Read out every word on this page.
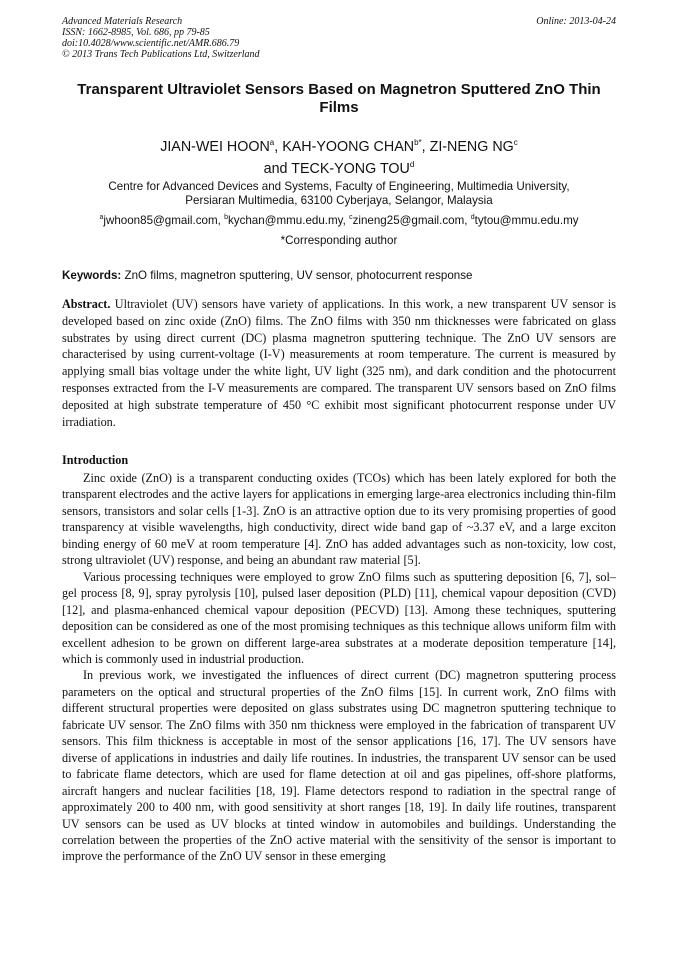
Advanced Materials Research
ISSN: 1662-8985, Vol. 686, pp 79-85
doi:10.4028/www.scientific.net/AMR.686.79
© 2013 Trans Tech Publications Ltd, Switzerland
Online: 2013-04-24
Transparent Ultraviolet Sensors Based on Magnetron Sputtered ZnO Thin Films
JIAN-WEI HOON$^a$, KAH-YOONG $CHAN^{b*}$, ZI-NENG $NG^c$
and TECK-YONG TOU$^d$
Centre for Advanced Devices and Systems, Faculty of Engineering, Multimedia University,
Persiaran Multimedia, 63100 Cyberjaya, Selangor, Malaysia
$^a$jwhoon85@gmail.com, $^b$kychan@mmu.edu.my, $^c$zineng25@gmail.com, $^d$tytou@mmu.edu.my
*Corresponding author
Keywords: ZnO films, magnetron sputtering, UV sensor, photocurrent response
Abstract. Ultraviolet (UV) sensors have variety of applications. In this work, a new transparent UV sensor is developed based on zinc oxide (ZnO) films. The ZnO films with 350 nm thicknesses were fabricated on glass substrates by using direct current (DC) plasma magnetron sputtering technique. The ZnO UV sensors are characterised by using current-voltage (I-V) measurements at room temperature. The current is measured by applying small bias voltage under the white light, UV light (325 nm), and dark condition and the photocurrent responses extracted from the I-V measurements are compared. The transparent UV sensors based on ZnO films deposited at high substrate temperature of 450 °C exhibit most significant photocurrent response under UV irradiation.
Introduction

Zinc oxide (ZnO) is a transparent conducting oxides (TCOs) which has been lately explored for both the transparent electrodes and the active layers for applications in emerging large-area electronics including thin-film sensors, transistors and solar cells [1-3]. ZnO is an attractive option due to its very promising properties of good transparency at visible wavelengths, high conductivity, direct wide band gap of ~3.37 eV, and a large exciton binding energy of 60 meV at room temperature [4]. ZnO has added advantages such as non-toxicity, low cost, strong ultraviolet (UV) response, and being an abundant raw material [5].

Various processing techniques were employed to grow ZnO films such as sputtering deposition [6, 7], sol–gel process [8, 9], spray pyrolysis [10], pulsed laser deposition (PLD) [11], chemical vapour deposition (CVD) [12], and plasma-enhanced chemical vapour deposition (PECVD) [13]. Among these techniques, sputtering deposition can be considered as one of the most promising techniques as this technique allows uniform film with excellent adhesion to be grown on different large-area substrates at a moderate deposition temperature [14], which is commonly used in industrial production.

In previous work, we investigated the influences of direct current (DC) magnetron sputtering process parameters on the optical and structural properties of the ZnO films [15]. In current work, ZnO films with different structural properties were deposited on glass substrates using DC magnetron sputtering technique to fabricate UV sensor. The ZnO films with 350 nm thickness were employed in the fabrication of transparent UV sensors. This film thickness is acceptable in most of the sensor applications [16, 17]. The UV sensors have diverse of applications in industries and daily life routines. In industries, the transparent UV sensor can be used to fabricate flame detectors, which are used for flame detection at oil and gas pipelines, off-shore platforms, aircraft hangers and nuclear facilities [18, 19]. Flame detectors respond to radiation in the spectral range of approximately 200 to 400 nm, with good sensitivity at short ranges [18, 19]. In daily life routines, transparent UV sensors can be used as UV blocks at tinted window in automobiles and buildings. Understanding the correlation between the properties of the ZnO active material with the sensitivity of the sensor is important to improve the performance of the ZnO UV sensor in these emerging
